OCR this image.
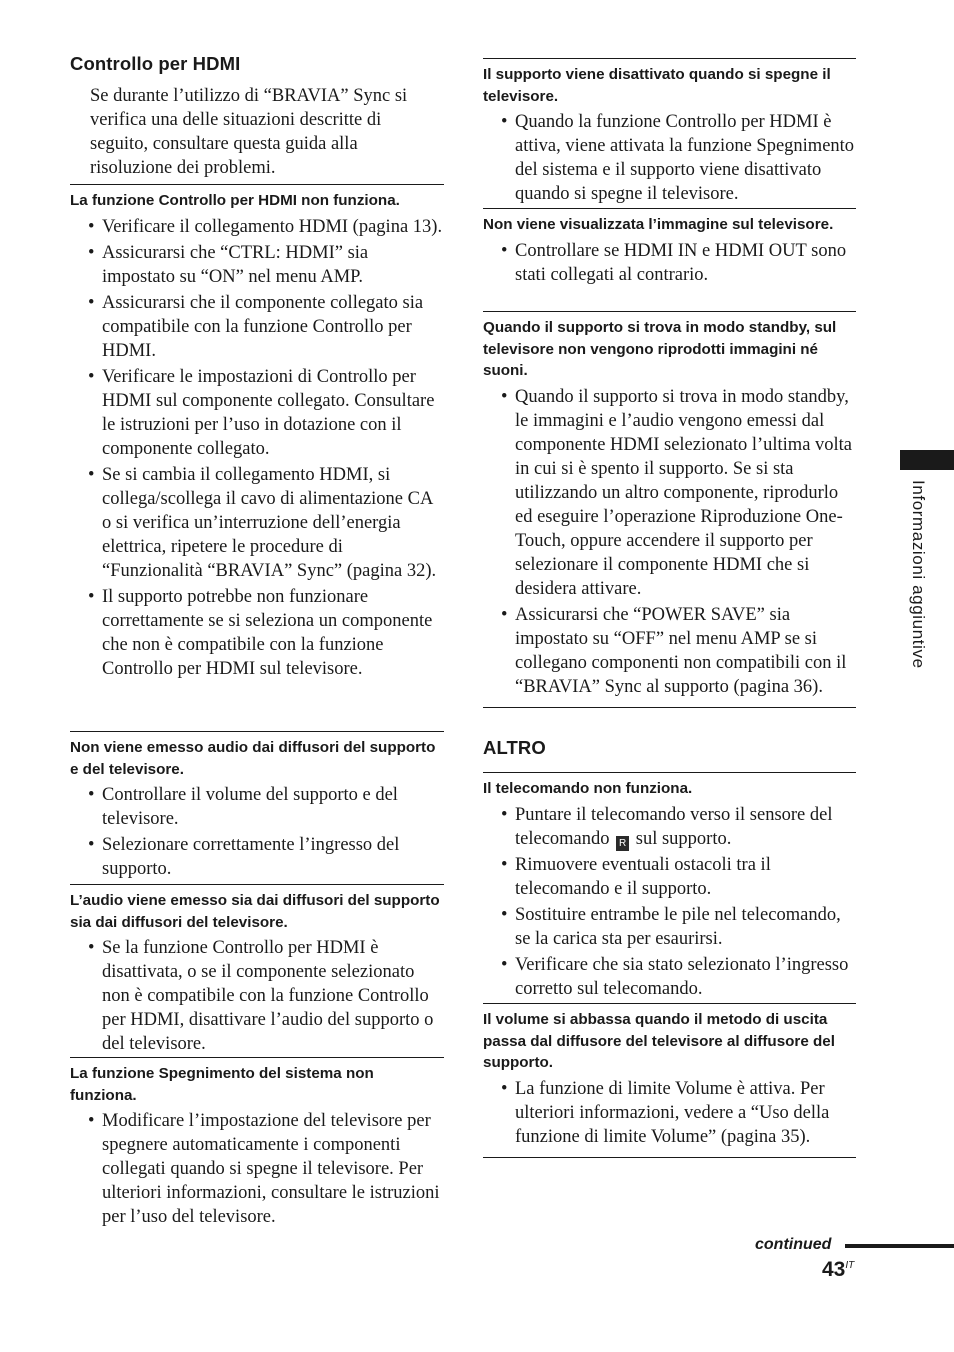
Controllo per HDMI
Se durante l’utilizzo di “BRAVIA” Sync si verifica una delle situazioni descritte di seguito, consultare questa guida alla risoluzione dei problemi.
La funzione Controllo per HDMI non funziona.
• Verificare il collegamento HDMI (pagina 13).
• Assicurarsi che “CTRL: HDMI” sia impostato su “ON” nel menu AMP.
• Assicurarsi che il componente collegato sia compatibile con la funzione Controllo per HDMI.
• Verificare le impostazioni di Controllo per HDMI sul componente collegato. Consultare le istruzioni per l’uso in dotazione con il componente collegato.
• Se si cambia il collegamento HDMI, si collega/scollega il cavo di alimentazione CA o si verifica un’interruzione dell’energia elettrica, ripetere le procedure di “Funzionalità “BRAVIA” Sync” (pagina 32).
• Il supporto potrebbe non funzionare correttamente se si seleziona un componente che non è compatibile con la funzione Controllo per HDMI sul televisore.
Non viene emesso audio dai diffusori del supporto e del televisore.
• Controllare il volume del supporto e del televisore.
• Selezionare correttamente l’ingresso del supporto.
L’audio viene emesso sia dai diffusori del supporto sia dai diffusori del televisore.
• Se la funzione Controllo per HDMI è disattivata, o se il componente selezionato non è compatibile con la funzione Controllo per HDMI, disattivare l’audio del supporto o del televisore.
La funzione Spegnimento del sistema non funziona.
• Modificare l’impostazione del televisore per spegnere automaticamente i componenti collegati quando si spegne il televisore. Per ulteriori informazioni, consultare le istruzioni per l’uso del televisore.
Il supporto viene disattivato quando si spegne il televisore.
• Quando la funzione Controllo per HDMI è attiva, viene attivata la funzione Spegnimento del sistema e il supporto viene disattivato quando si spegne il televisore.
Non viene visualizzata l’immagine sul televisore.
• Controllare se HDMI IN e HDMI OUT sono stati collegati al contrario.
Quando il supporto si trova in modo standby, sul televisore non vengono riprodotti immagini né suoni.
• Quando il supporto si trova in modo standby, le immagini e l’audio vengono emessi dal componente HDMI selezionato l’ultima volta in cui si è spento il supporto. Se si sta utilizzando un altro componente, riprodurlo ed eseguire l’operazione Riproduzione One-Touch, oppure accendere il supporto per selezionare il componente HDMI che si desidera attivare.
• Assicurarsi che “POWER SAVE” sia impostato su “OFF” nel menu AMP se si collegano componenti non compatibili con il “BRAVIA” Sync al supporto (pagina 36).
ALTRO
Il telecomando non funziona.
• Puntare il telecomando verso il sensore del telecomando R sul supporto.
• Rimuovere eventuali ostacoli tra il telecomando e il supporto.
• Sostituire entrambe le pile nel telecomando, se la carica sta per esaurirsi.
• Verificare che sia stato selezionato l’ingresso corretto sul telecomando.
Il volume si abbassa quando il metodo di uscita passa dal diffusore del televisore al diffusore del supporto.
• La funzione di limite Volume è attiva. Per ulteriori informazioni, vedere a “Uso della funzione di limite Volume” (pagina 35).
Informazioni aggiuntive
continued
$43^{IT}$
